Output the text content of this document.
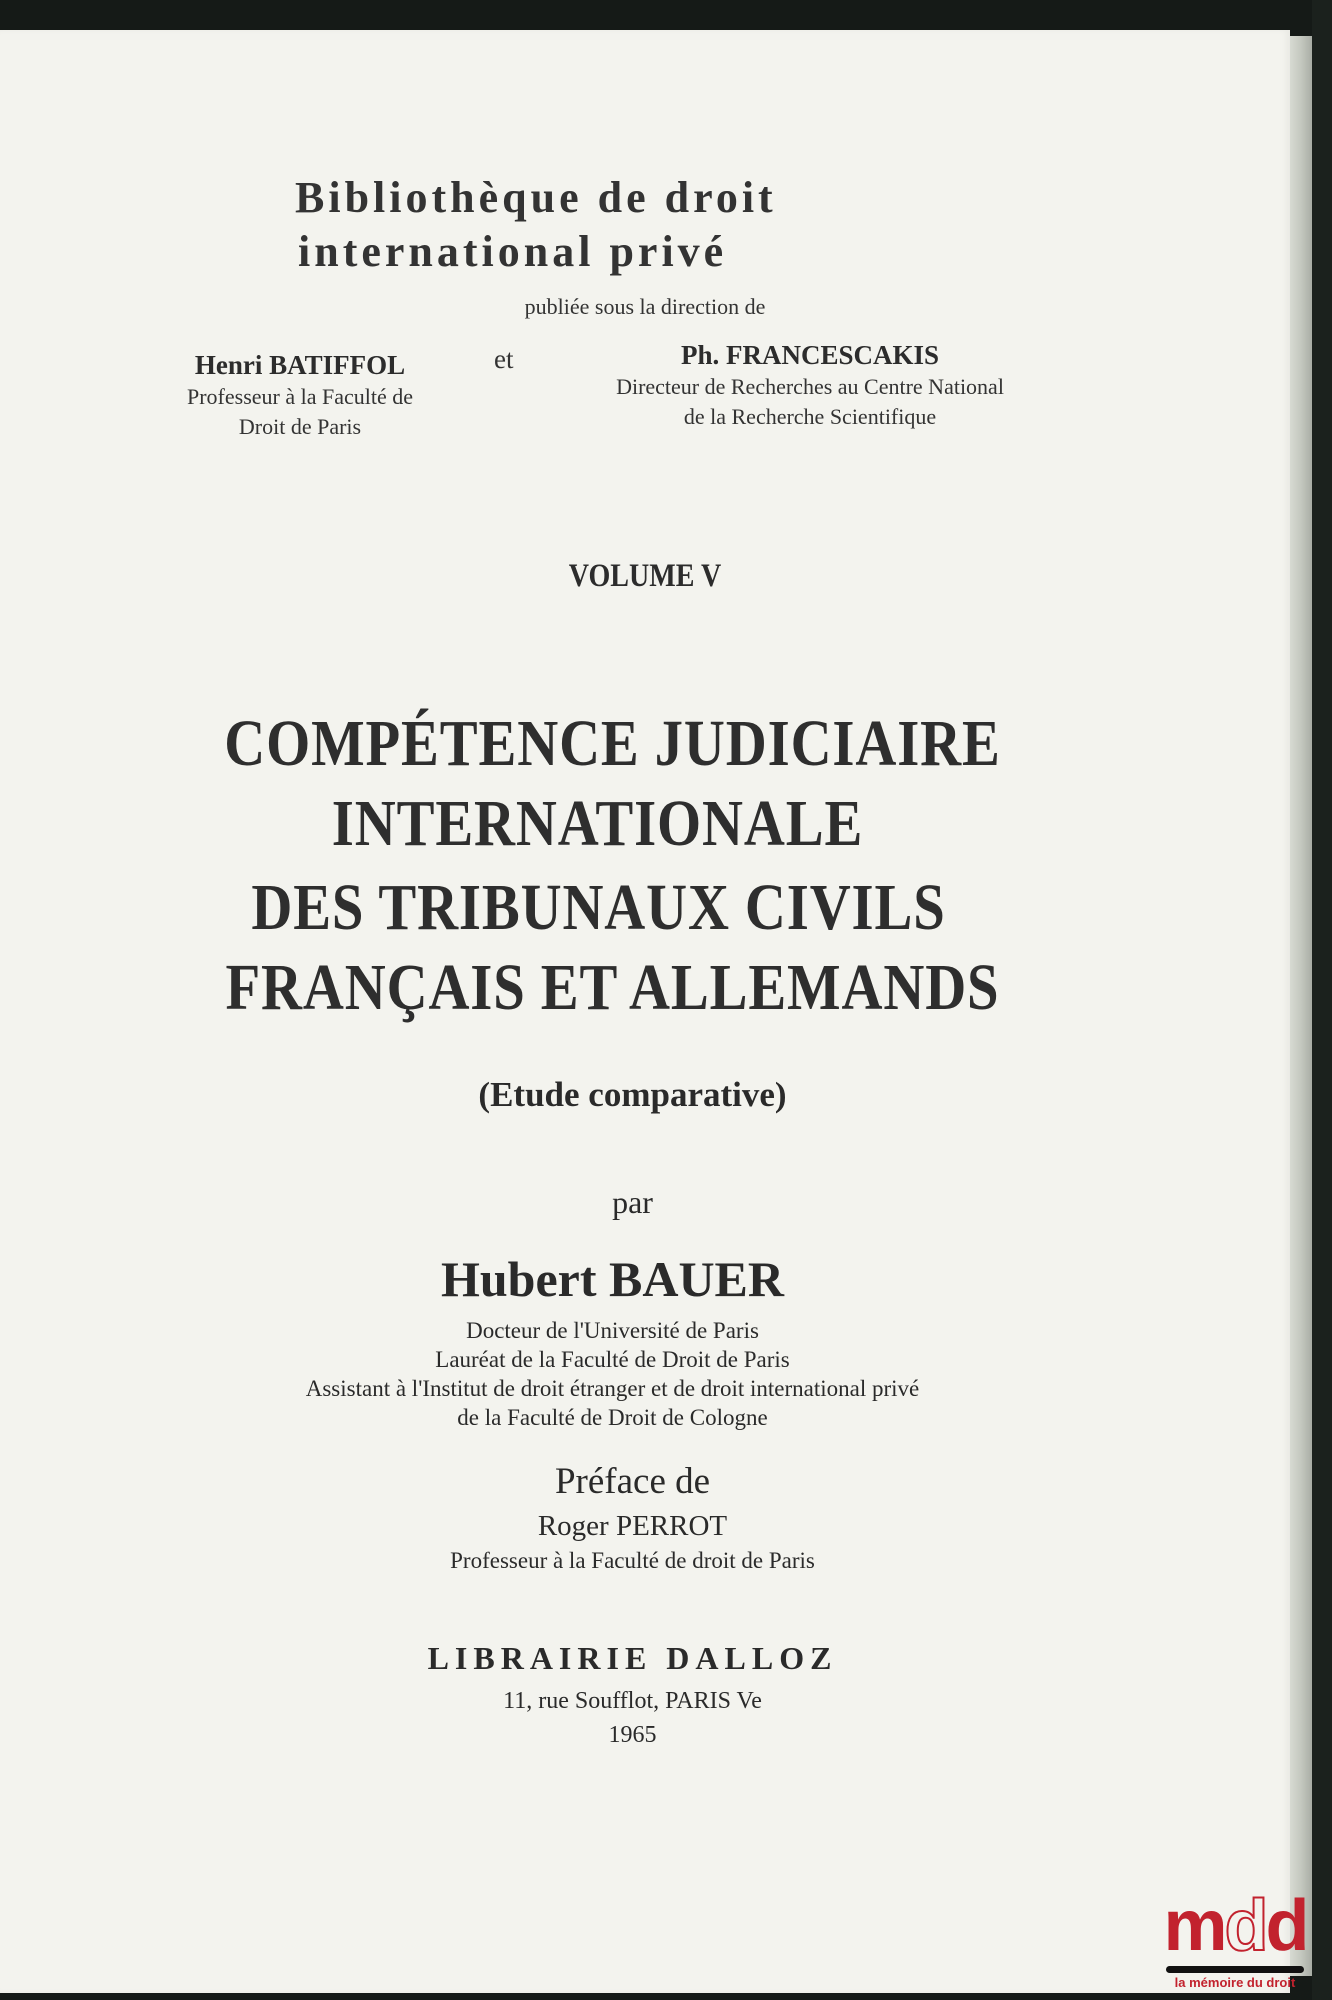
Bibliothèque de droit
international privé
publiée sous la direction de
Henri BATIFFOL
Professeur à la Faculté de
Droit de Paris
et	Ph. FRANCESCAKIS
Directeur de Recherches au Centre National
de la Recherche Scientifique
VOLUME V
COMPÉTENCE JUDICIAIRE
INTERNATIONALE
DES TRIBUNAUX CIVILS
FRANÇAIS ET ALLEMANDS
(Etude comparative)
par
Hubert BAUER
Docteur de l'Université de Paris
Lauréat de la Faculté de Droit de Paris
Assistant à l'Institut de droit étranger et de droit international privé
de la Faculté de Droit de Cologne
Préface de
Roger PERROT
Professeur à la Faculté de droit de Paris
LIBRAIRIE DALLOZ
11, rue Soufflot, PARIS Ve
1965
mdd
la mémoire du droit
